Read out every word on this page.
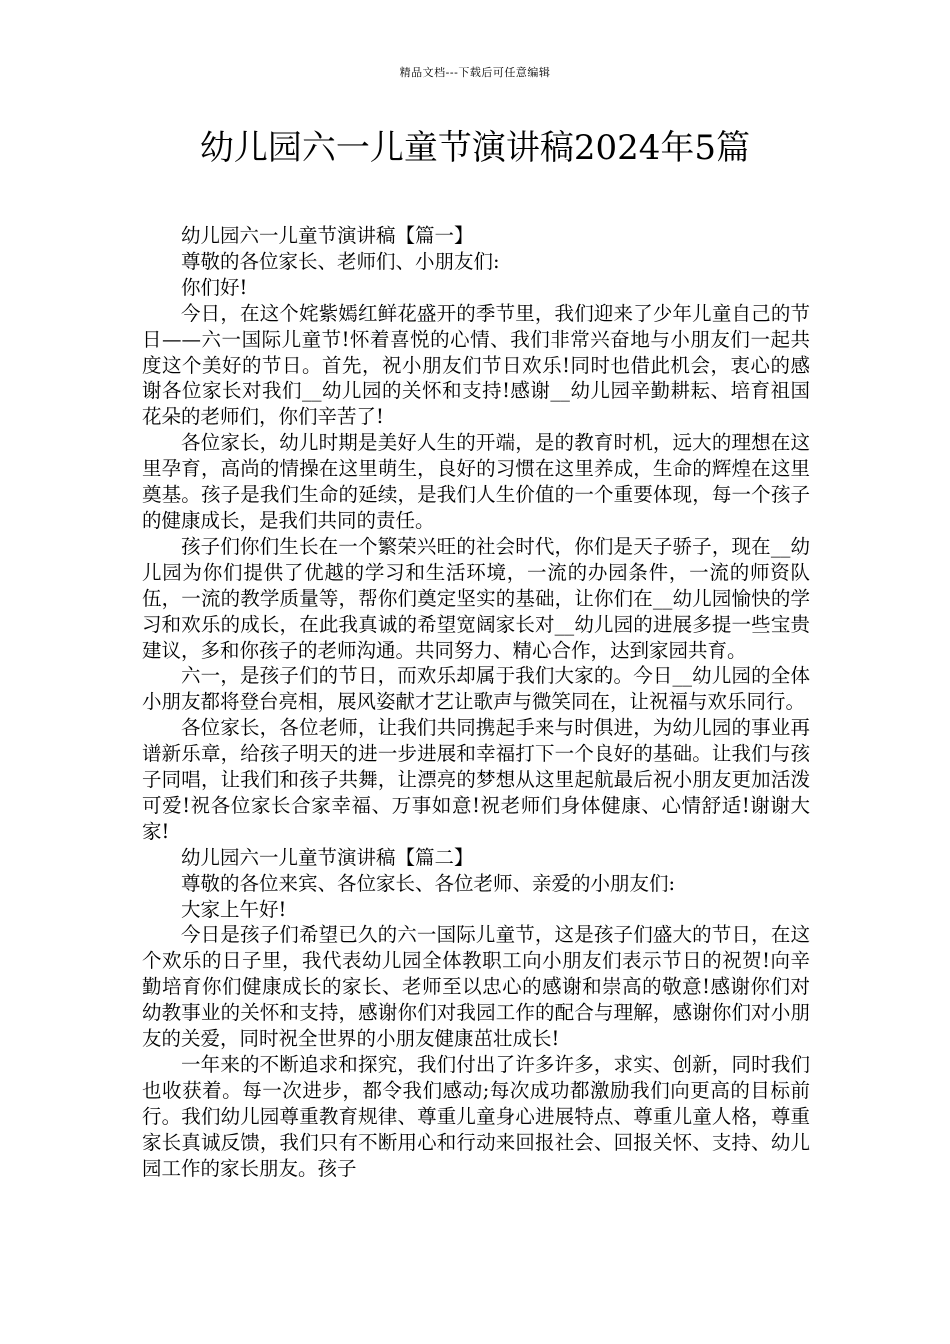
精品文档---下载后可任意编辑
幼儿园六一儿童节演讲稿2024年5篇

幼儿园六一儿童节演讲稿【篇一】

尊敬的各位家长、老师们、小朋友们:

你们好!

今日，在这个姹紫嫣红鲜花盛开的季节里，我们迎来了少年儿童自己的节日——六一国际儿童节!怀着喜悦的心情、我们非常兴奋地与小朋友们一起共度这个美好的节日。首先，祝小朋友们节日欢乐!同时也借此机会，衷心的感谢各位家长对我们__幼儿园的关怀和支持!感谢__幼儿园辛勤耕耘、培育祖国花朵的老师们，你们辛苦了!

各位家长，幼儿时期是美好人生的开端，是的教育时机，远大的理想在这里孕育，高尚的情操在这里萌生，良好的习惯在这里养成，生命的辉煌在这里奠基。孩子是我们生命的延续，是我们人生价值的一个重要体现，每一个孩子的健康成长，是我们共同的责任。

孩子们你们生长在一个繁荣兴旺的社会时代，你们是天子骄子，现在__幼儿园为你们提供了优越的学习和生活环境，一流的办园条件，一流的师资队伍，一流的教学质量等，帮你们奠定坚实的基础，让你们在__幼儿园愉快的学习和欢乐的成长，在此我真诚的希望宽阔家长对__幼儿园的进展多提一些宝贵建议，多和你孩子的老师沟通。共同努力、精心合作，达到家园共育。

六一，是孩子们的节日，而欢乐却属于我们大家的。今日__幼儿园的全体小朋友都将登台亮相，展风姿献才艺让歌声与微笑同在，让祝福与欢乐同行。

各位家长，各位老师，让我们共同携起手来与时俱进，为幼儿园的事业再谱新乐章，给孩子明天的进一步进展和幸福打下一个良好的基础。让我们与孩子同唱，让我们和孩子共舞，让漂亮的梦想从这里起航最后祝小朋友更加活泼可爱!祝各位家长合家幸福、万事如意!祝老师们身体健康、心情舒适!谢谢大家!

幼儿园六一儿童节演讲稿【篇二】

尊敬的各位来宾、各位家长、各位老师、亲爱的小朋友们:

大家上午好!

今日是孩子们希望已久的六一国际儿童节，这是孩子们盛大的节日，在这个欢乐的日子里，我代表幼儿园全体教职工向小朋友们表示节日的祝贺!向辛勤培育你们健康成长的家长、老师至以忠心的感谢和崇高的敬意!感谢你们对幼教事业的关怀和支持，感谢你们对我园工作的配合与理解，感谢你们对小朋友的关爱，同时祝全世界的小朋友健康茁壮成长!

一年来的不断追求和探究，我们付出了许多许多，求实、创新，同时我们也收获着。每一次进步，都令我们感动;每次成功都激励我们向更高的目标前行。我们幼儿园尊重教育规律、尊重儿童身心进展特点、尊重儿童人格，尊重家长真诚反馈，我们只有不断用心和行动来回报社会、回报关怀、支持、幼儿园工作的家长朋友。孩子
